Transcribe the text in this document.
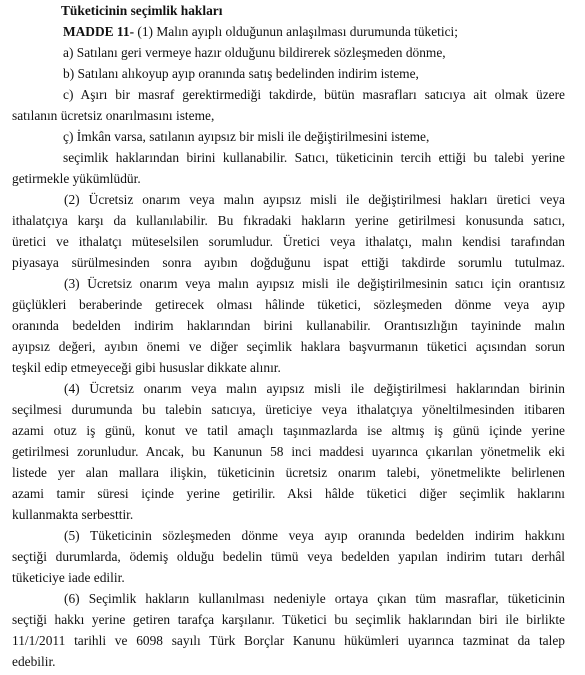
Tüketicinin seçimlik hakları
MADDE 11- (1) Malın ayıplı olduğunun anlaşılması durumunda tüketici;
a) Satılanı geri vermeye hazır olduğunu bildirerek sözleşmeden dönme,
b) Satılanı alıkoyup ayıp oranında satış bedelinden indirim isteme,
c) Aşırı bir masraf gerektirmediği takdirde, bütün masrafları satıcıya ait olmak üzere
satılanın ücretsiz onarılmasını isteme,
ç) İmkân varsa, satılanın ayıpsız bir misli ile değiştirilmesini isteme,
seçimlik haklarından birini kullanabilir. Satıcı, tüketicinin tercih ettiği bu talebi yerine
getirmekle yükümlüdür.
(2) Ücretsiz onarım veya malın ayıpsız misli ile değiştirilmesi hakları üretici veya
ithalatçıya karşı da kullanılabilir. Bu fıkradaki hakların yerine getirilmesi konusunda satıcı,
üretici ve ithalatçı müteselsilen sorumludur. Üretici veya ithalatçı, malın kendisi tarafından
piyasaya sürülmesinden sonra ayıbın doğduğunu ispat ettiği takdirde sorumlu tutulmaz.
(3) Ücretsiz onarım veya malın ayıpsız misli ile değiştirilmesinin satıcı için orantısız
güçlükleri beraberinde getirecek olması hâlinde tüketici, sözleşmeden dönme veya ayıp
oranında bedelden indirim haklarından birini kullanabilir. Orantısızlığın tayininde malın
ayıpsız değeri, ayıbın önemi ve diğer seçimlik haklara başvurmanın tüketici açısından sorun
teşkil edip etmeyeceği gibi hususlar dikkate alınır.
(4) Ücretsiz onarım veya malın ayıpsız misli ile değiştirilmesi haklarından birinin
seçilmesi durumunda bu talebin satıcıya, üreticiye veya ithalatçıya yöneltilmesinden itibaren
azami otuz iş günü, konut ve tatil amaçlı taşınmazlarda ise altmış iş günü içinde yerine
getirilmesi zorunludur. Ancak, bu Kanunun 58 inci maddesi uyarınca çıkarılan yönetmelik eki
listede yer alan mallara ilişkin, tüketicinin ücretsiz onarım talebi, yönetmelikte belirlenen
azami tamir süresi içinde yerine getirilir. Aksi hâlde tüketici diğer seçimlik haklarını
kullanmakta serbesttir.
(5) Tüketicinin sözleşmeden dönme veya ayıp oranında bedelden indirim hakkını
seçtiği durumlarda, ödemiş olduğu bedelin tümü veya bedelden yapılan indirim tutarı derhâl
tüketiciye iade edilir.
(6) Seçimlik hakların kullanılması nedeniyle ortaya çıkan tüm masraflar, tüketicinin
seçtiği hakkı yerine getiren tarafça karşılanır. Tüketici bu seçimlik haklarından biri ile birlikte
11/1/2011 tarihli ve 6098 sayılı Türk Borçlar Kanunu hükümleri uyarınca tazminat da talep
edebilir.
